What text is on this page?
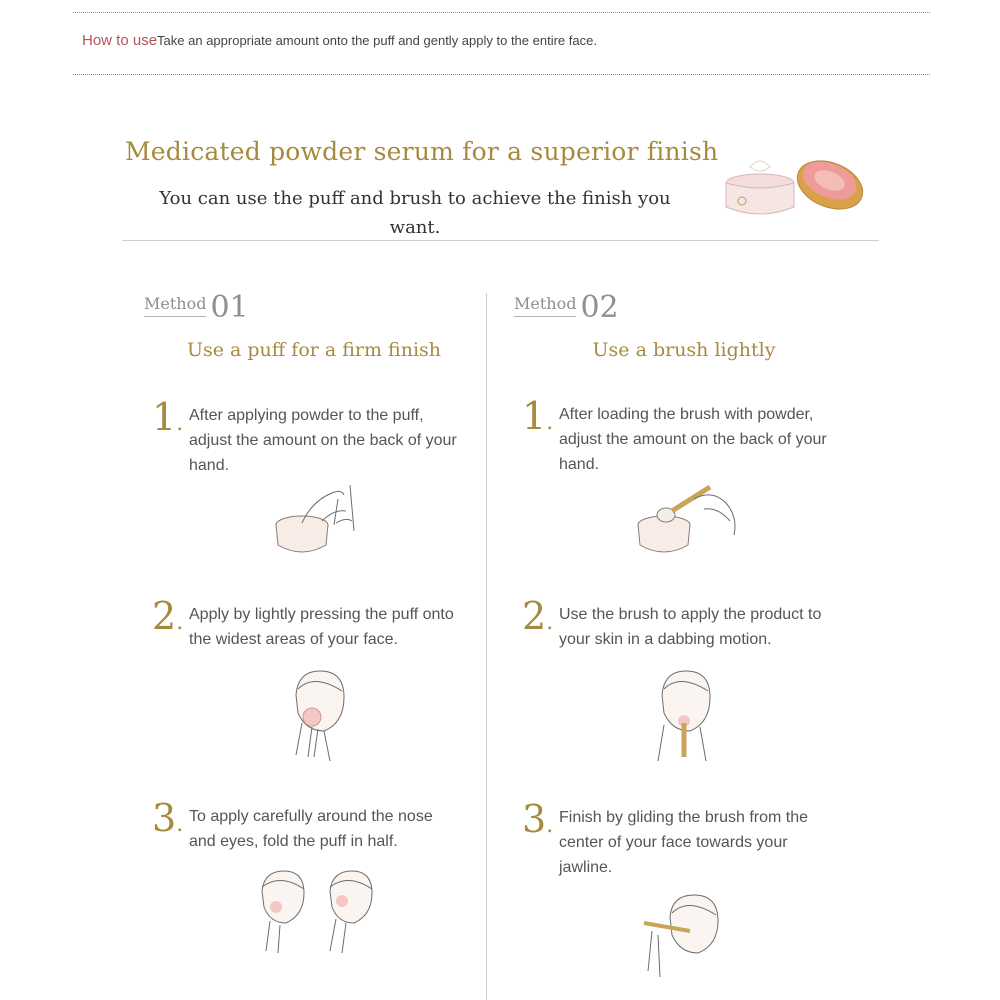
How to useTake an appropriate amount onto the puff and gently apply to the entire face.
Medicated powder serum for a superior finish
You can use the puff and brush to achieve the finish you want.
Method 01
Use a puff for a firm finish
1. After applying powder to the puff, adjust the amount on the back of your hand.
2. Apply by lightly pressing the puff onto the widest areas of your face.
3. To apply carefully around the nose and eyes, fold the puff in half.
Method 02
Use a brush lightly
1. After loading the brush with powder, adjust the amount on the back of your hand.
2. Use the brush to apply the product to your skin in a dabbing motion.
3. Finish by gliding the brush from the center of your face towards your jawline.
